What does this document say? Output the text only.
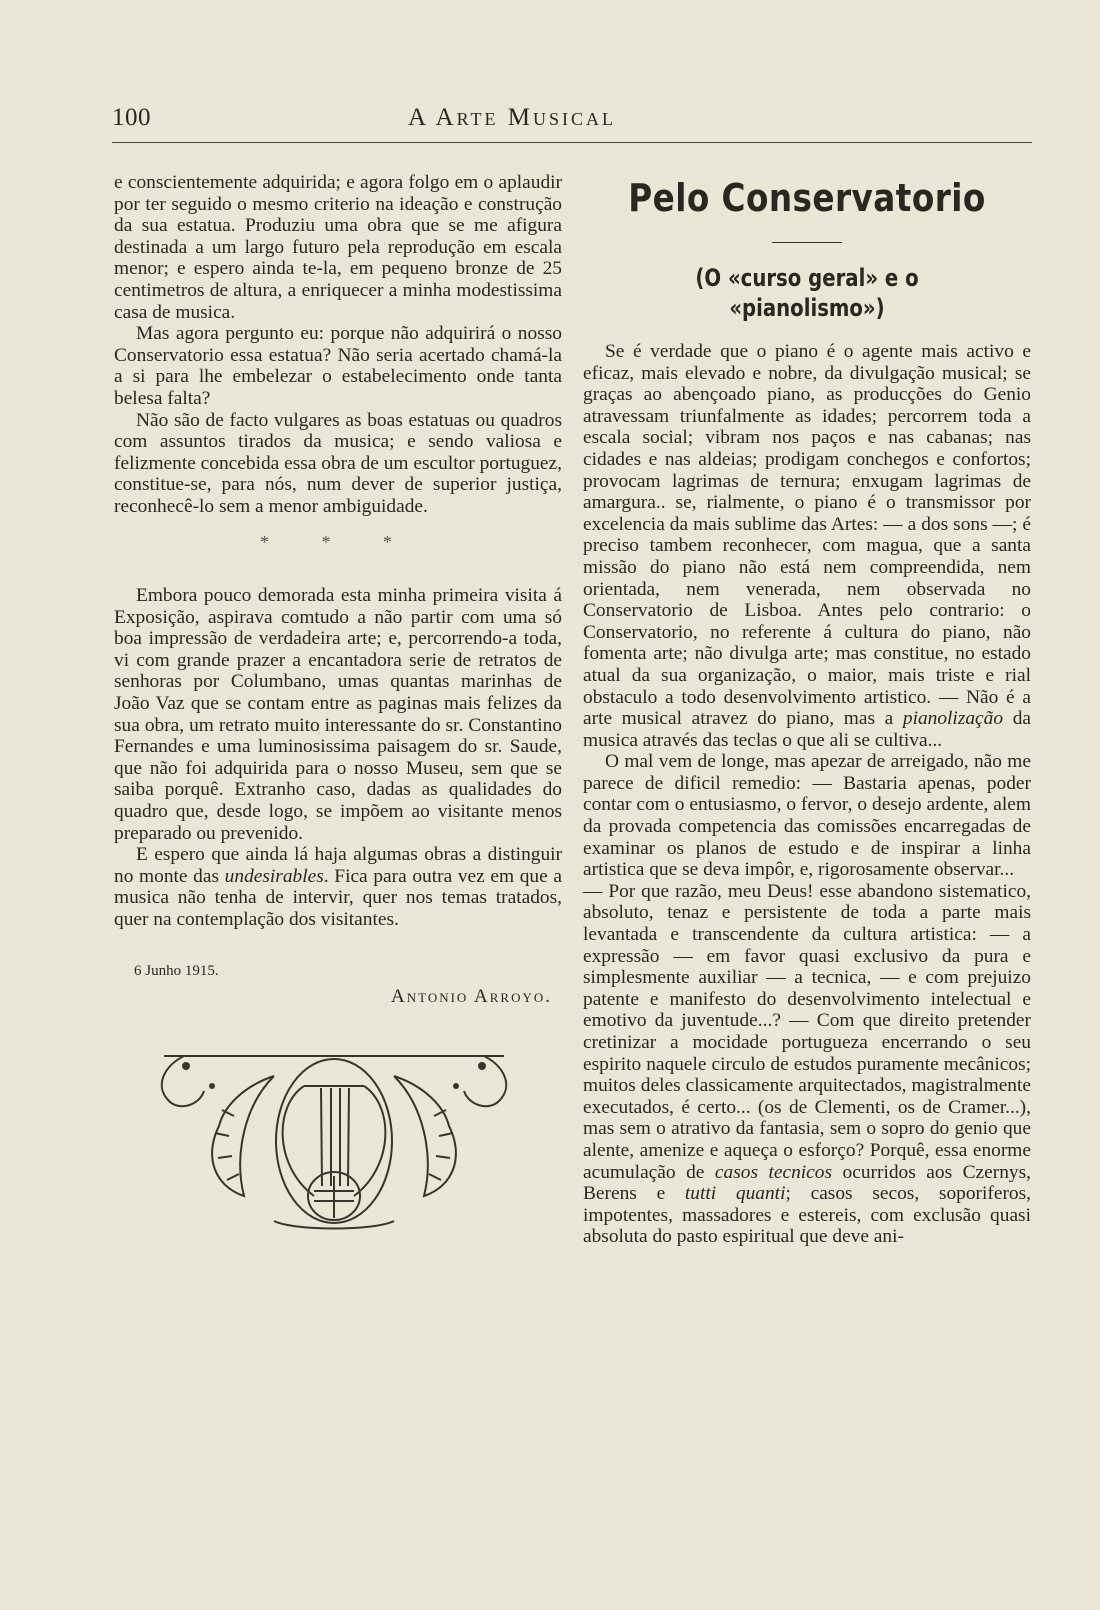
100	A Arte Musical

e conscientemente adquirida; e agora folgo em o aplaudir por ter seguido o mesmo criterio na ideação e construção da sua estatua. Produziu uma obra que se me afigura destinada a um largo futuro pela reprodução em escala menor; e espero ainda te-la, em pequeno bronze de 25 centimetros de altura, a enriquecer a minha modestissima casa de musica.

Mas agora pergunto eu: porque não adquirirá o nosso Conservatorio essa estatua? Não seria acertado chamá-la a si para lhe embelezar o estabelecimento onde tanta belesa falta?

Não são de facto vulgares as boas estatuas ou quadros com assuntos tirados da musica; e sendo valiosa e felizmente concebida essa obra de um escultor portuguez, constitue-se, para nós, num dever de superior justiça, reconhecê-lo sem a menor ambiguidade.

* * *

Embora pouco demorada esta minha primeira visita á Exposição, aspirava comtudo a não partir com uma só boa impressão de verdadeira arte; e, percorrendo-a toda, vi com grande prazer a encantadora serie de retratos de senhoras por Columbano, umas quantas marinhas de João Vaz que se contam entre as paginas mais felizes da sua obra, um retrato muito interessante do sr. Constantino Fernandes e uma luminosissima paisagem do sr. Saude, que não foi adquirida para o nosso Museu, sem que se saiba porquê. Extranho caso, dadas as qualidades do quadro que, desde logo, se impõem ao visitante menos preparado ou prevenido.

E espero que ainda lá haja algumas obras a distinguir no monte das undesirables. Fica para outra vez em que a musica não tenha de intervir, quer nos temas tratados, quer na contemplação dos visitantes.

6 Junho 1915.
Antonio Arroyo.
Pelo Conservatorio
(O «curso geral» e o «pianolismo»)

Se é verdade que o piano é o agente mais activo e eficaz, mais elevado e nobre, da divulgação musical; se graças ao abençoado piano, as producções do Genio atravessam triunfalmente as idades; percorrem toda a escala social; vibram nos paços e nas cabanas; nas cidades e nas aldeias; prodigam conchegos e confortos; provocam lagrimas de ternura; enxugam lagrimas de amargura.. se, rialmente, o piano é o transmissor por excelencia da mais sublime das Artes: — a dos sons —; é preciso tambem reconhecer, com magua, que a santa missão do piano não está nem compreendida, nem orientada, nem venerada, nem observada no Conservatorio de Lisboa. Antes pelo contrario: o Conservatorio, no referente á cultura do piano, não fomenta arte; não divulga arte; mas constitue, no estado atual da sua organização, o maior, mais triste e rial obstaculo a todo desenvolvimento artistico. — Não é a arte musical atravez do piano, mas a pianolização da musica através das teclas o que ali se cultiva...

O mal vem de longe, mas apezar de arreigado, não me parece de dificil remedio: — Bastaria apenas, poder contar com o entusiasmo, o fervor, o desejo ardente, alem da provada competencia das comissões encarregadas de examinar os planos de estudo e de inspirar a linha artistica que se deva impôr, e, rigorosamente observar...

— Por que razão, meu Deus! esse abandono sistematico, absoluto, tenaz e persistente de toda a parte mais levantada e transcendente da cultura artistica: — a expressão — em favor quasi exclusivo da pura e simplesmente auxiliar — a tecnica, — e com prejuizo patente e manifesto do desenvolvimento intelectual e emotivo da juventude...? — Com que direito pretender cretinizar a mocidade portugueza encerrando o seu espirito naquele circulo de estudos puramente mecânicos; muitos deles classicamente arquitectados, magistralmente executados, é certo... (os de Clementi, os de Cramer...), mas sem o atrativo da fantasia, sem o sopro do genio que alente, amenize e aqueça o esforço? Porquê, essa enorme acumulação de casos tecnicos ocurridos aos Czernys, Berens e tutti quanti; casos secos, soporiferos, impotentes, massadores e estereis, com exclusão quasi absoluta do pasto espiritual que deve ani-
